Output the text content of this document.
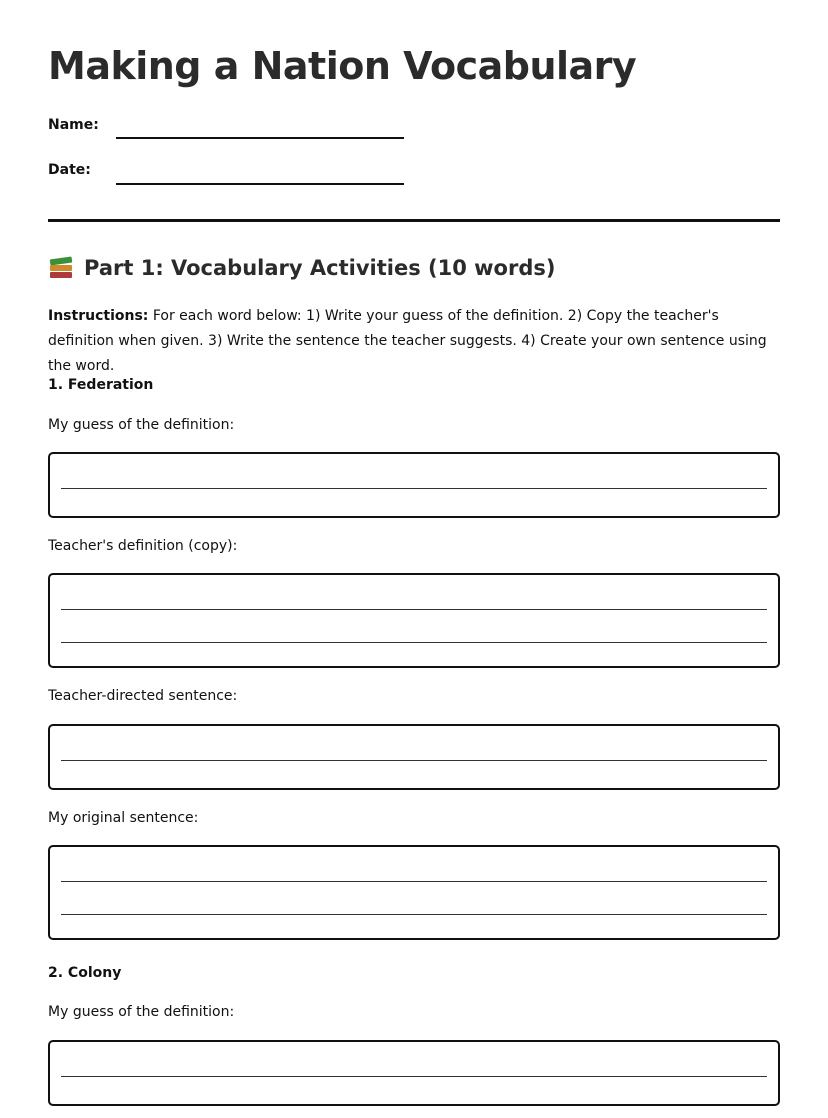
Making a Nation Vocabulary
Name:
Date:
Part 1: Vocabulary Activities (10 words)

Instructions: For each word below: 1) Write your guess of the definition. 2) Copy the teacher's definition when given. 3) Write the sentence the teacher suggests. 4) Create your own sentence using the word.

1. Federation

My guess of the definition:

Teacher's definition (copy):

Teacher-directed sentence:

My original sentence:

2. Colony

My guess of the definition:
